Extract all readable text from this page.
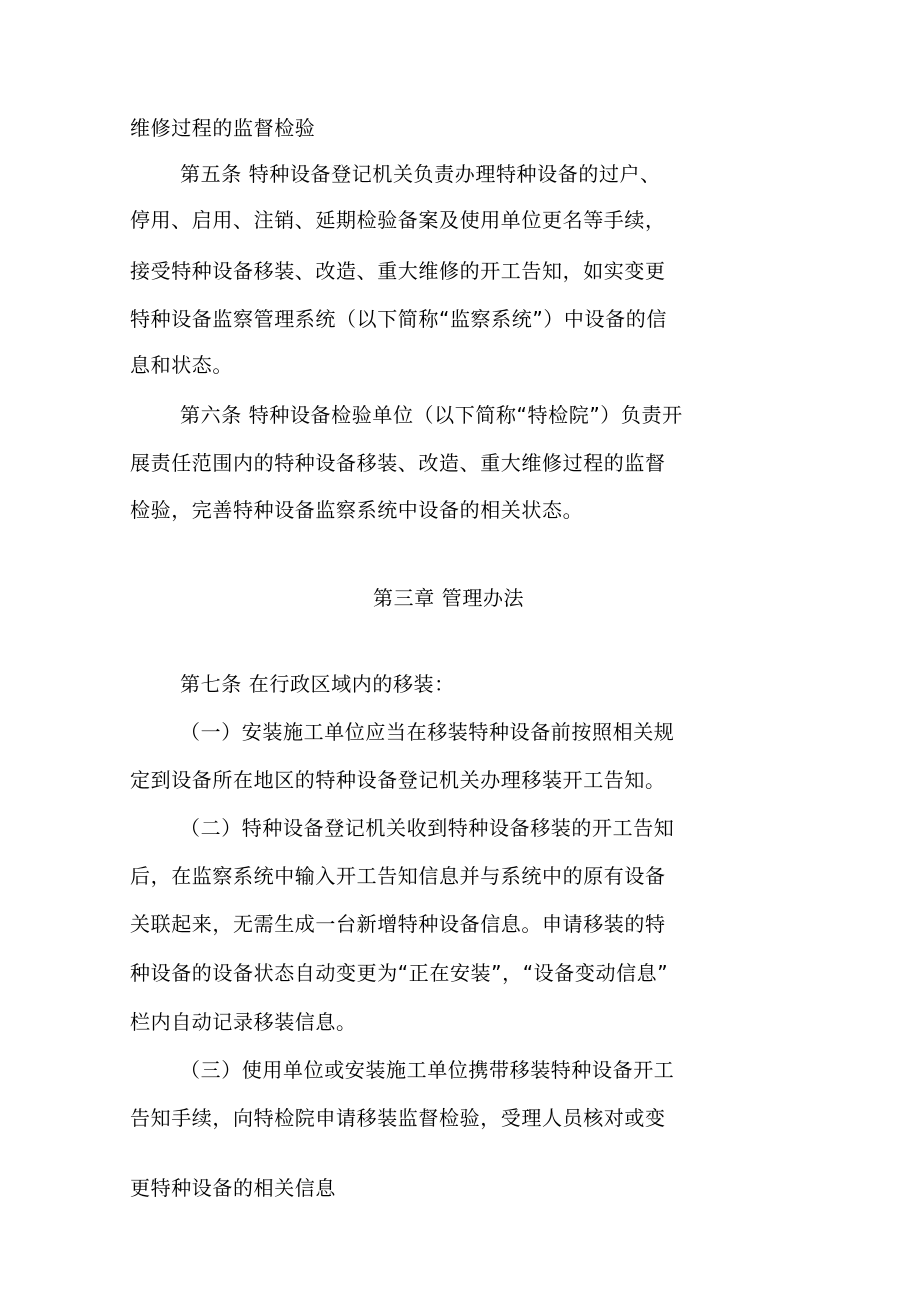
维修过程的监督检验
第五条 特种设备登记机关负责办理特种设备的过户、
停用、启用、注销、延期检验备案及使用单位更名等手续，
接受特种设备移装、改造、重大维修的开工告知，如实变更
特种设备监察管理系统（以下简称“监察系统”）中设备的信
息和状态。
第六条 特种设备检验单位（以下简称“特检院”）负责开
展责任范围内的特种设备移装、改造、重大维修过程的监督
检验，完善特种设备监察系统中设备的相关状态。
第三章 管理办法
第七条 在行政区域内的移装：
（一）安装施工单位应当在移装特种设备前按照相关规
定到设备所在地区的特种设备登记机关办理移装开工告知。
（二）特种设备登记机关收到特种设备移装的开工告知
后，在监察系统中输入开工告知信息并与系统中的原有设备
关联起来，无需生成一台新增特种设备信息。申请移装的特
种设备的设备状态自动变更为“正在安装”，“设备变动信息”
栏内自动记录移装信息。
（三）使用单位或安装施工单位携带移装特种设备开工
告知手续，向特检院申请移装监督检验，受理人员核对或变
更特种设备的相关信息
